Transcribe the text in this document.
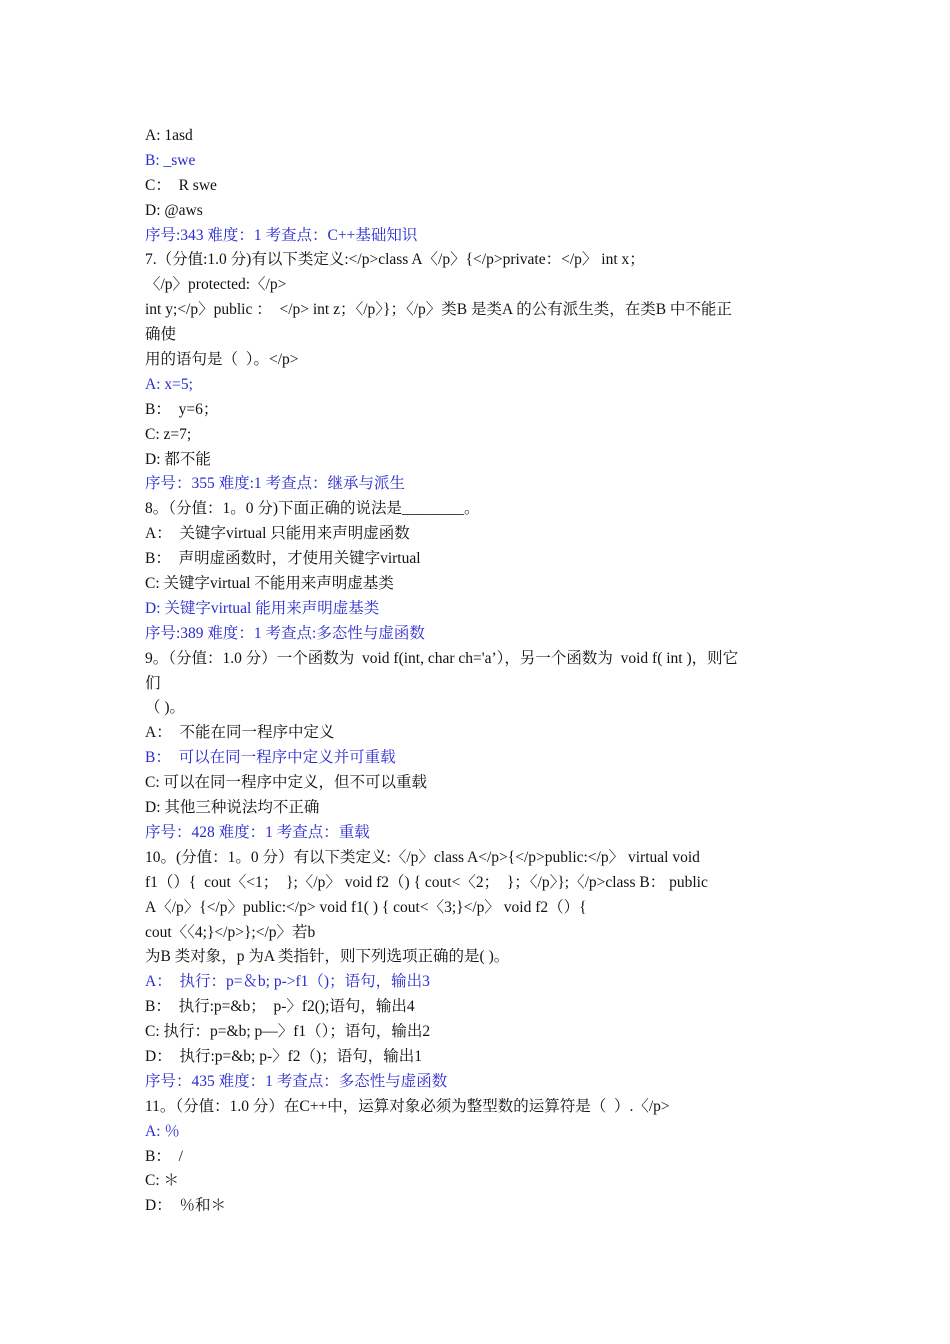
A: 1asd
B: _swe
C：  R swe
D: @aws
序号:343 难度：1 考查点：C++基础知识
7.（分值:1.0 分)有以下类定义:</p>class A〈/p〉{</p>private：</p〉 int x；
〈/p〉protected:〈/p>
int y;</p〉public ：  </p> int z；〈/p〉}；〈/p〉类B 是类A 的公有派生类，在类B 中不能正
确使
用的语句是（  ）。</p>
A: x=5;
B：  y=6；
C: z=7;
D: 都不能
序号：355 难度:1 考查点：继承与派生
8。（分值：1。0 分)下面正确的说法是________。
A：  关键字virtual 只能用来声明虚函数
B：  声明虚函数时，才使用关键字virtual
C: 关键字virtual 不能用来声明虚基类
D: 关键字virtual 能用来声明虚基类
序号:389 难度：1 考查点:多态性与虚函数
9。（分值：1.0 分）一个函数为  void f(int, char ch='a’），另一个函数为  void f( int )，则它
们
（ )。
A：  不能在同一程序中定义
B：  可以在同一程序中定义并可重载
C: 可以在同一程序中定义，但不可以重载
D: 其他三种说法均不正确
序号：428 难度：1 考查点：重载
10。(分值：1。0 分）有以下类定义:〈/p〉class A</p>{</p>public:</p〉 virtual void
f1（）{  cout〈<1；  };〈/p〉 void f2（) { cout<〈2；  }；〈/p〉};〈/p>class B： public
A〈/p〉{</p〉public:</p> void f1( ) { cout<〈3;}</p〉 void f2（）{
cout〈〈4;}</p>};</p〉若b
为B 类对象，p 为A 类指针，则下列选项正确的是( )。
A：  执行：p=＆b; p->f1（)；语句，输出3
B：  执行:p=&b；  p-〉f2();语句，输出4
C: 执行：p=&b; p—〉f1（）；语句，输出2
D：  执行:p=&b; p-〉f2（)；语句，输出1
序号：435 难度：1 考查点：多态性与虚函数
11。（分值：1.0 分）在C++中，运算对象必须为整型数的运算符是（  ）.〈/p>
A: ％
B：  /
C: ＊
D：  ％和＊
